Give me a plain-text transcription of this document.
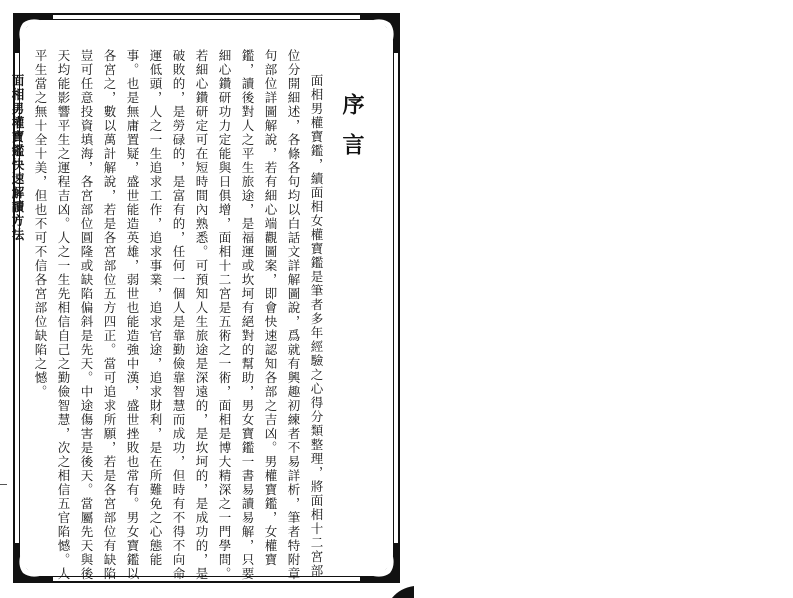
序言

面相男權寶鑑，續面相女權寶鑑是筆者多年經驗之心得分類整理，將面相十二宮部位分開細述，各條各句均以白話文詳解圖說，爲就有興趣初練者不易詳析，筆者特附章句部位詳圖解說，若有細心端觀圖案，即會快速認知各部之吉凶。男權寶鑑，女權寶鑑，讀後對人之平生旅途，是福運或坎坷有絕對的幫助，男女寶鑑一書易讀易解，只要細心鑽研功力定能與日俱增，面相十二宮是五術之一術，面相是博大精深之一門學問。若細心鑽研定可在短時間內熟悉。可預知人生旅途是深遠的，是坎坷的，是成功的，是破敗的，是勞碌的，是富有的，任何一個人是靠勤儉靠智慧而成功，但時有不得不向命運低頭，人之一生追求工作，追求事業，追求官途，追求財利，是在所難免之心態能事。也是無庸置疑，盛世能造英雄，弱世也能造強中漢，盛世挫敗也常有。男女寶鑑以各宮之，數以萬計解說，若是各宮部位五方四正。當可追求所願，若是各宮部位有缺陷豈可任意投資填海，各宮部位圓隆或缺陷偏斜是先天。中途傷害是後天。當屬先天與後天均能影響平生之運程吉凶。人之一生先相信自己之勤儉智慧，次之相信五官陷憾。人平生當之無十全十美，但也不可不信各宮部位缺陷之憾。

面相男權寶鑑快速解讀方法
